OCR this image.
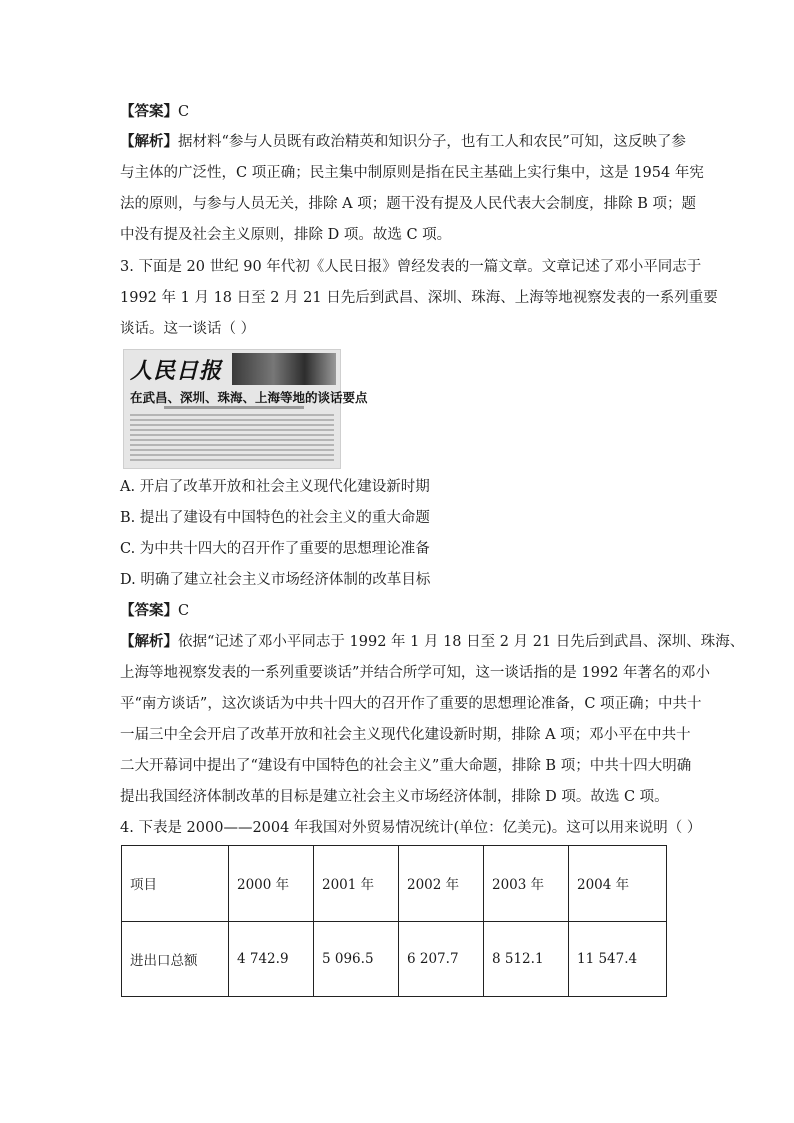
【答案】C
【解析】据材料“参与人员既有政治精英和知识分子，也有工人和农民”可知，这反映了参
与主体的广泛性，C 项正确；民主集中制原则是指在民主基础上实行集中，这是 1954 年宪
法的原则，与参与人员无关，排除 A 项；题干没有提及人民代表大会制度，排除 B 项；题
中没有提及社会主义原则，排除 D 项。故选 C 项。
3. 下面是 20 世纪 90 年代初《人民日报》曾经发表的一篇文章。文章记述了邓小平同志于
1992 年 1 月 18 日至 2 月 21 日先后到武昌、深圳、珠海、上海等地视察发表的一系列重要
谈话。这一谈话（ ）
人民日报
在武昌、深圳、珠海、上海等地的谈话要点
A. 开启了改革开放和社会主义现代化建设新时期
B. 提出了建设有中国特色的社会主义的重大命题
C. 为中共十四大的召开作了重要的思想理论准备
D. 明确了建立社会主义市场经济体制的改革目标
【答案】C
【解析】依据“记述了邓小平同志于 1992 年 1 月 18 日至 2 月 21 日先后到武昌、深圳、珠海、
上海等地视察发表的一系列重要谈话”并结合所学可知，这一谈话指的是 1992 年著名的邓小
平“南方谈话”，这次谈话为中共十四大的召开作了重要的思想理论准备，C 项正确；中共十
一届三中全会开启了改革开放和社会主义现代化建设新时期，排除 A 项；邓小平在中共十
二大开幕词中提出了“建设有中国特色的社会主义”重大命题，排除 B 项；中共十四大明确
提出我国经济体制改革的目标是建立社会主义市场经济体制，排除 D 项。故选 C 项。
4. 下表是 2000——2004 年我国对外贸易情况统计(单位：亿美元)。这可以用来说明（ ）
项目	2000 年	2001 年	2002 年	2003 年	2004 年
进出口总额	4 742.9	5 096.5	6 207.7	8 512.1	11 547.4
